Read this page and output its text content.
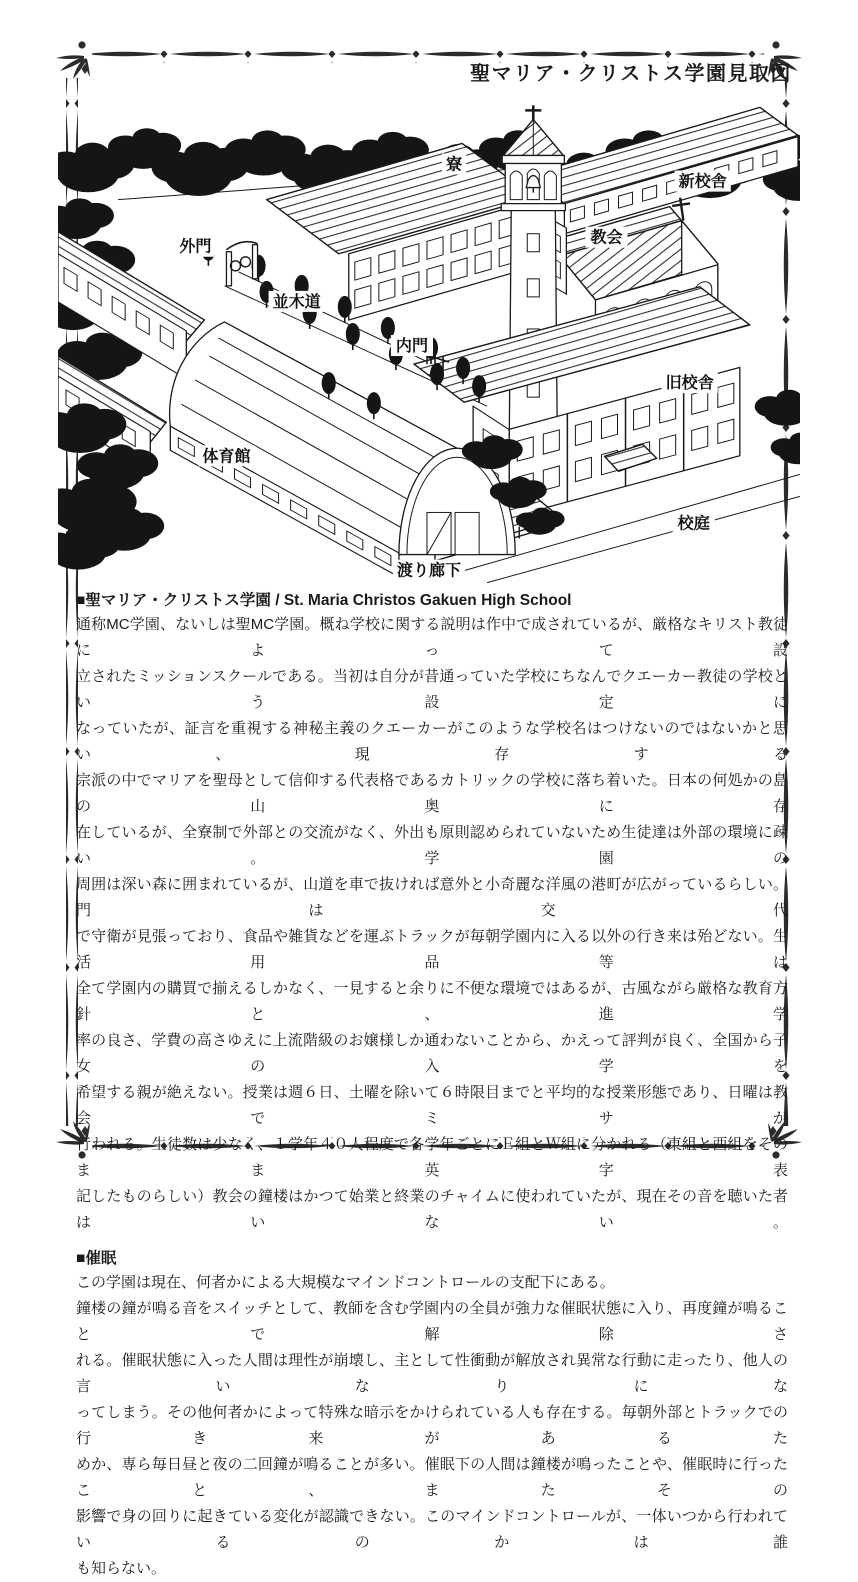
聖マリア・クリストス学園見取図
寮
新校舎
教会
外門
並木道
内門
旧校舎
体育館
校庭
渡り廊下
■聖マリア・クリストス学園 / St. Maria Christos Gakuen High School
通称MC学園、ないしは聖MC学園。概ね学校に関する説明は作中で成されているが、厳格なキリスト教徒によって設
立されたミッションスクールである。当初は自分が昔通っていた学校にちなんでクエーカー教徒の学校という設定に
なっていたが、証言を重視する神秘主義のクエーカーがこのような学校名はつけないのではないかと思い、現存する
宗派の中でマリアを聖母として信仰する代表格であるカトリックの学校に落ち着いた。日本の何処かの島の山奥に存
在しているが、全寮制で外部との交流がなく、外出も原則認められていないため生徒達は外部の環境に疎い。学園の
周囲は深い森に囲まれているが、山道を車で抜ければ意外と小奇麗な洋風の港町が広がっているらしい。門は交代
で守衛が見張っており、食品や雑貨などを運ぶトラックが毎朝学園内に入る以外の行き来は殆どない。生活用品等は
全て学園内の購買で揃えるしかなく、一見すると余りに不便な環境ではあるが、古風ながら厳格な教育方針と、進学
率の良さ、学費の高さゆえに上流階級のお嬢様しか通わないことから、かえって評判が良く、全国から子女の入学を
希望する親が絶えない。授業は週６日、土曜を除いて６時限目までと平均的な授業形態であり、日曜は教会でミサが
行われる。生徒数は少なく、１学年４０人程度で各学年ごとにＥ組とＷ組に分かれる（東組と西組をそのまま英字表
記したものらしい）教会の鐘楼はかつて始業と終業のチャイムに使われていたが、現在その音を聴いた者はいない。
■催眠
この学園は現在、何者かによる大規模なマインドコントロールの支配下にある。
鐘楼の鐘が鳴る音をスイッチとして、教師を含む学園内の全員が強力な催眠状態に入り、再度鐘が鳴ることで解除さ
れる。催眠状態に入った人間は理性が崩壊し、主として性衝動が解放され異常な行動に走ったり、他人の言いなりにな
ってしまう。その他何者かによって特殊な暗示をかけられている人も存在する。毎朝外部とトラックでの行き来があるた
めか、専ら毎日昼と夜の二回鐘が鳴ることが多い。催眠下の人間は鐘楼が鳴ったことや、催眠時に行ったこと、またその
影響で身の回りに起きている変化が認識できない。このマインドコントロールが、一体いつから行われているのかは誰
も知らない。
